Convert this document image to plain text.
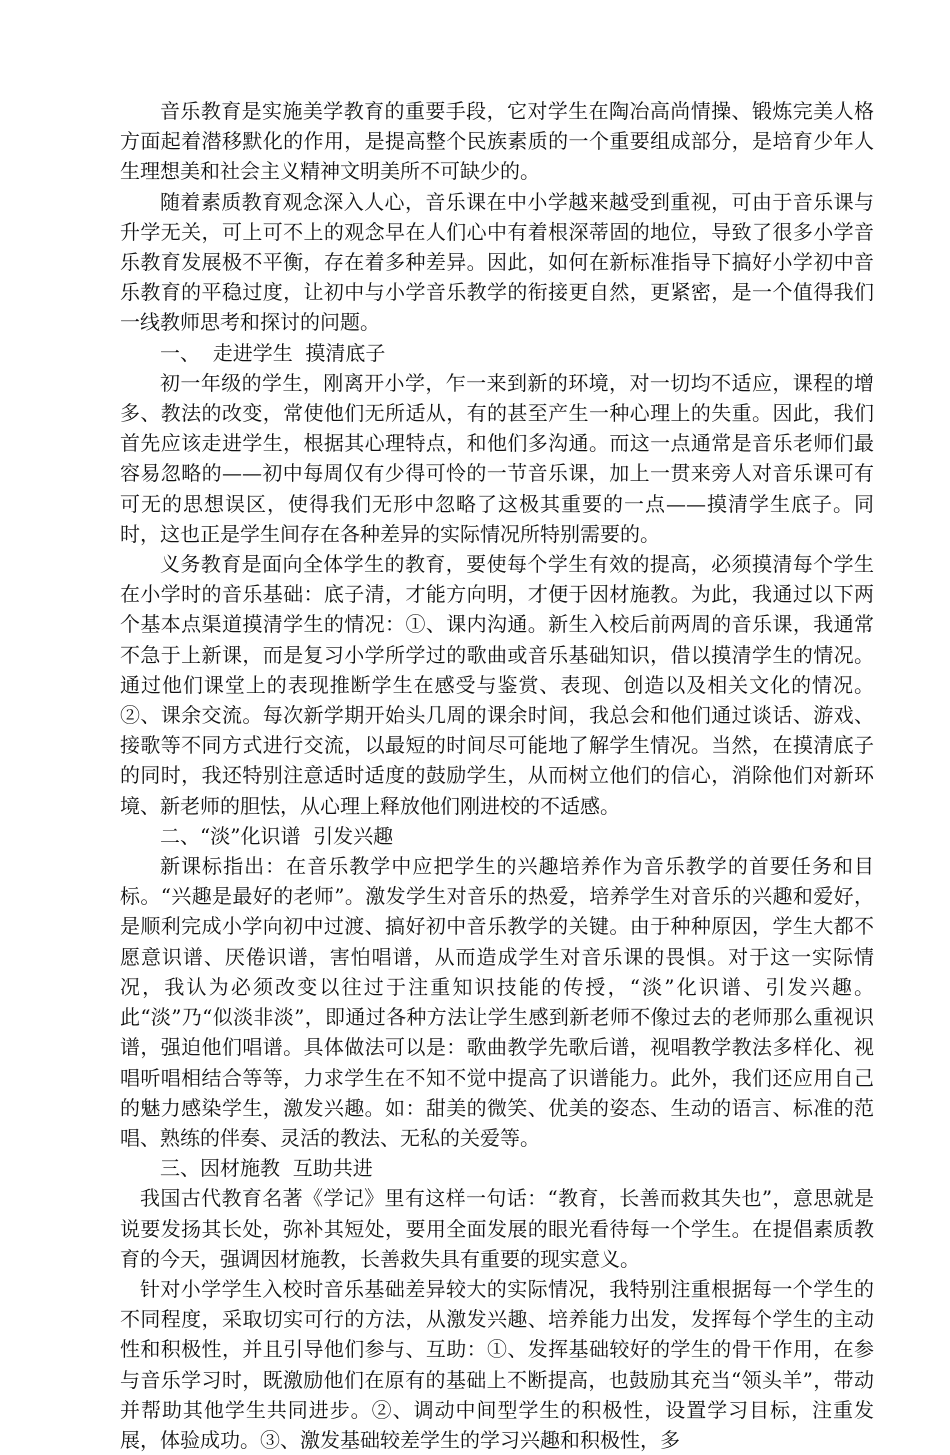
音乐教育是实施美学教育的重要手段，它对学生在陶冶高尚情操、锻炼完美人格方面起着潜移默化的作用，是提高整个民族素质的一个重要组成部分，是培育少年人生理想美和社会主义精神文明美所不可缺少的。

随着素质教育观念深入人心，音乐课在中小学越来越受到重视，可由于音乐课与升学无关，可上可不上的观念早在人们心中有着根深蒂固的地位，导致了很多小学音乐教育发展极不平衡，存在着多种差异。因此，如何在新标准指导下搞好小学初中音乐教育的平稳过度，让初中与小学音乐教学的衔接更自然，更紧密，是一个值得我们一线教师思考和探讨的问题。

一、  走进学生  摸清底子

初一年级的学生，刚离开小学，乍一来到新的环境，对一切均不适应，课程的增多、教法的改变，常使他们无所适从，有的甚至产生一种心理上的失重。因此，我们首先应该走进学生，根据其心理特点，和他们多沟通。而这一点通常是音乐老师们最容易忽略的——初中每周仅有少得可怜的一节音乐课，加上一贯来旁人对音乐课可有可无的思想误区，使得我们无形中忽略了这极其重要的一点——摸清学生底子。同时，这也正是学生间存在各种差异的实际情况所特别需要的。

义务教育是面向全体学生的教育，要使每个学生有效的提高，必须摸清每个学生在小学时的音乐基础：底子清，才能方向明，才便于因材施教。为此，我通过以下两个基本点渠道摸清学生的情况：①、课内沟通。新生入校后前两周的音乐课，我通常不急于上新课，而是复习小学所学过的歌曲或音乐基础知识，借以摸清学生的情况。通过他们课堂上的表现推断学生在感受与鉴赏、表现、创造以及相关文化的情况。②、课余交流。每次新学期开始头几周的课余时间，我总会和他们通过谈话、游戏、接歌等不同方式进行交流，以最短的时间尽可能地了解学生情况。当然，在摸清底子的同时，我还特别注意适时适度的鼓励学生，从而树立他们的信心，消除他们对新环境、新老师的胆怯，从心理上释放他们刚进校的不适感。

二、“淡”化识谱  引发兴趣

新课标指出：在音乐教学中应把学生的兴趣培养作为音乐教学的首要任务和目标。“兴趣是最好的老师”。激发学生对音乐的热爱，培养学生对音乐的兴趣和爱好，是顺利完成小学向初中过渡、搞好初中音乐教学的关键。由于种种原因，学生大都不愿意识谱、厌倦识谱，害怕唱谱，从而造成学生对音乐课的畏惧。对于这一实际情况，我认为必须改变以往过于注重知识技能的传授，“淡”化识谱、引发兴趣。此“淡”乃“似淡非淡”，即通过各种方法让学生感到新老师不像过去的老师那么重视识谱，强迫他们唱谱。具体做法可以是：歌曲教学先歌后谱，视唱教学教法多样化、视唱听唱相结合等等，力求学生在不知不觉中提高了识谱能力。此外，我们还应用自己的魅力感染学生，激发兴趣。如：甜美的微笑、优美的姿态、生动的语言、标准的范唱、熟练的伴奏、灵活的教法、无私的关爱等。

三、因材施教  互助共进

我国古代教育名著《学记》里有这样一句话：“教育，长善而救其失也”，意思就是说要发扬其长处，弥补其短处，要用全面发展的眼光看待每一个学生。在提倡素质教育的今天，强调因材施教，长善救失具有重要的现实意义。

针对小学学生入校时音乐基础差异较大的实际情况，我特别注重根据每一个学生的不同程度，采取切实可行的方法，从激发兴趣、培养能力出发，发挥每个学生的主动性和积极性，并且引导他们参与、互助：①、发挥基础较好的学生的骨干作用，在参与音乐学习时，既激励他们在原有的基础上不断提高，也鼓励其充当“领头羊”，带动并帮助其他学生共同进步。②、调动中间型学生的积极性，设置学习目标，注重发展，体验成功。③、激发基础较差学生的学习兴趣和积极性，多
